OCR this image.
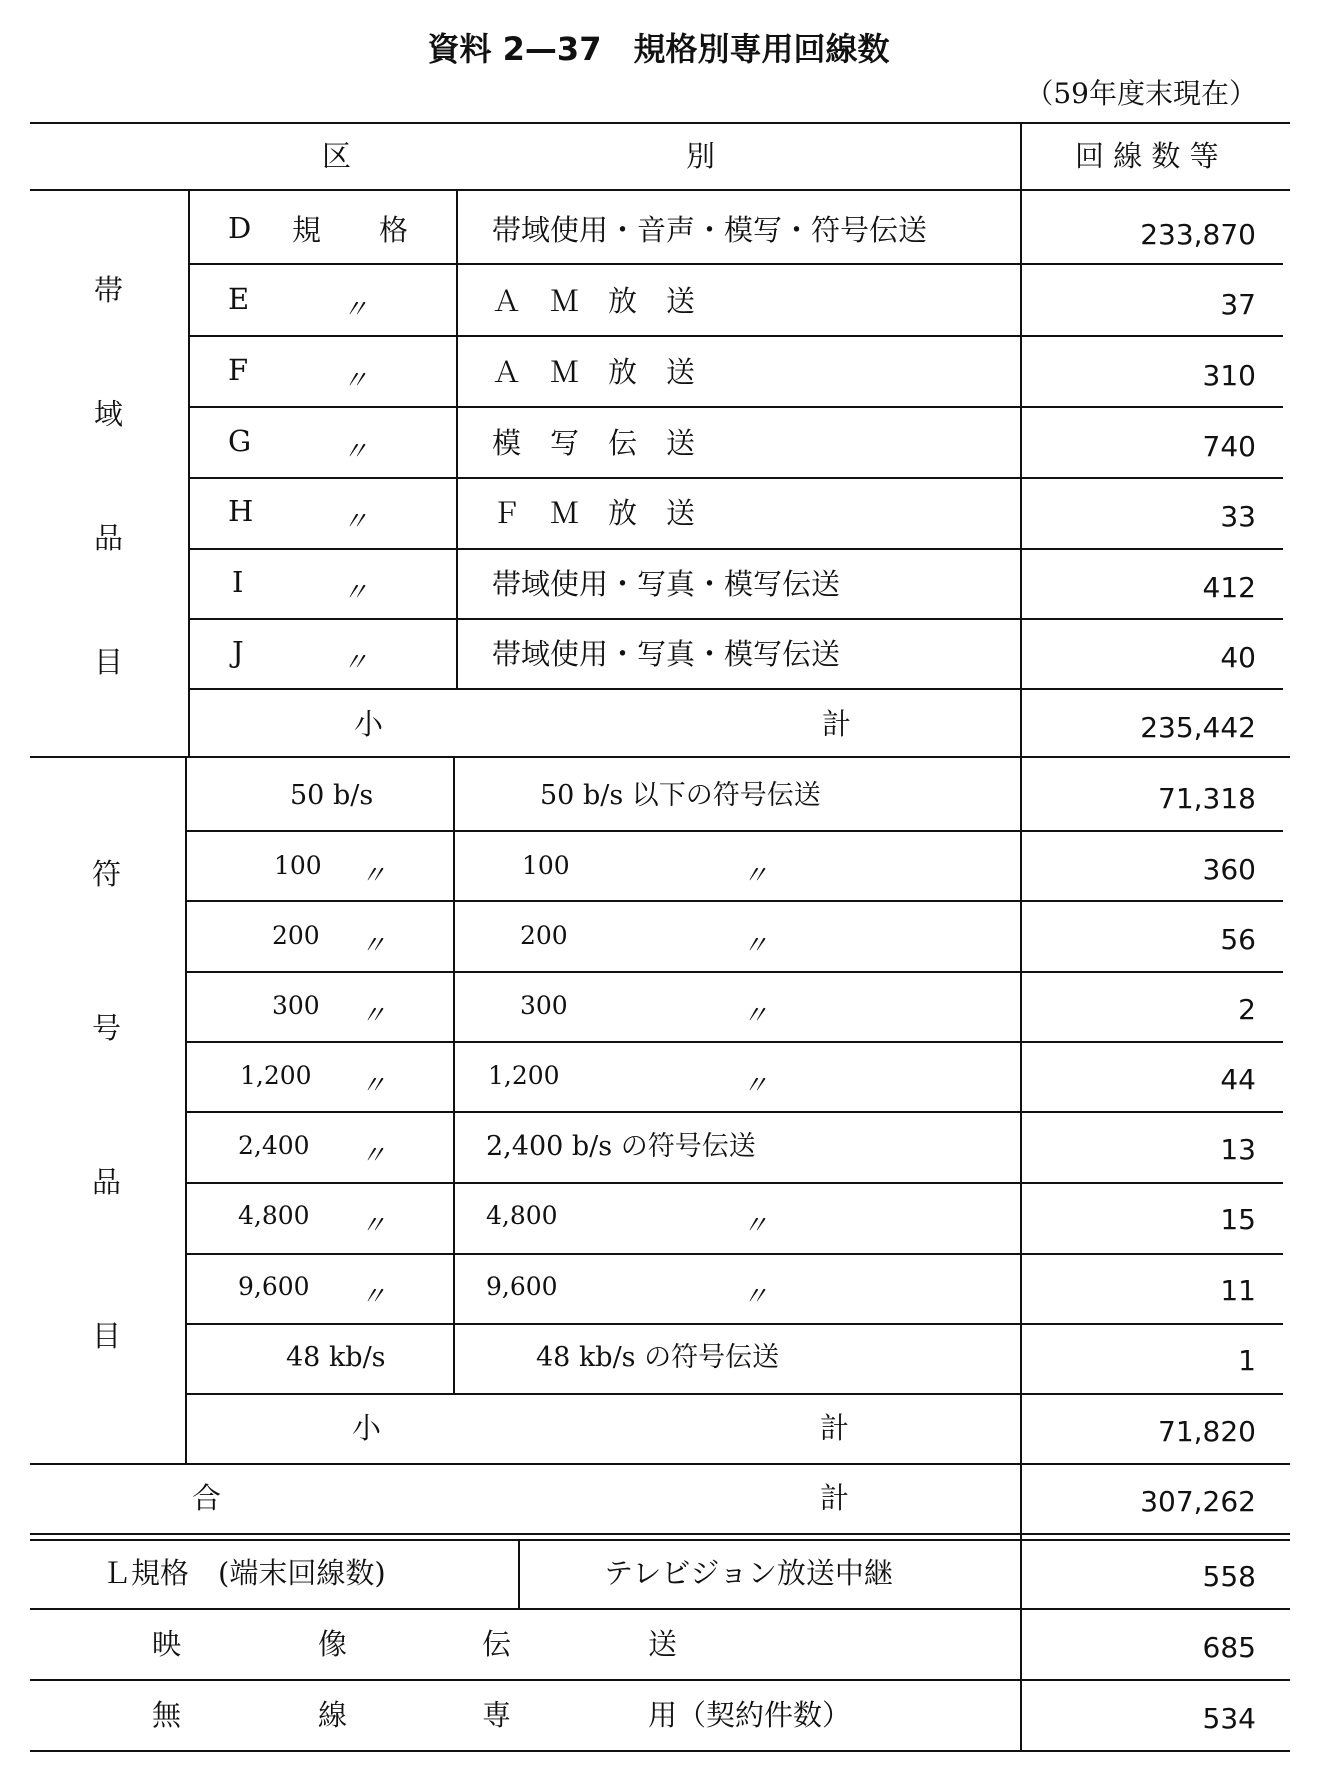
資料 2—37　規格別専用回線数
（59年度末現在）
区	別	回 線 数 等
帯
域
品
目
D 規　　格	帯域使用・音声・模写・符号伝送	233,870
E	〃	Ａ　Ｍ　放　送	37
F	〃	Ａ　Ｍ　放　送	310
G	〃	模　写　伝　送	740
H	〃	Ｆ　Ｍ　放　送	33
I	〃	帯域使用・写真・模写伝送	412
J	〃	帯域使用・写真・模写伝送	40
小	計	235,442
符
号
品
目
50 b/s	50 b/s 以下の符号伝送	71,318
100 〃	100	〃	360
200 〃	200	〃	56
300 〃	300	〃	2
1,200 〃	1,200	〃	44
2,400 〃	2,400 b/s の符号伝送	13
4,800 〃	4,800	〃	15
9,600 〃	9,600	〃	11
48 kb/s	48 kb/s の符号伝送	1
小	計	71,820
合	計	307,262
Ｌ規格　(端末回線数)	テレビジョン放送中継	558
映	像	伝	送	685
無	線	専	用（契約件数）	534
